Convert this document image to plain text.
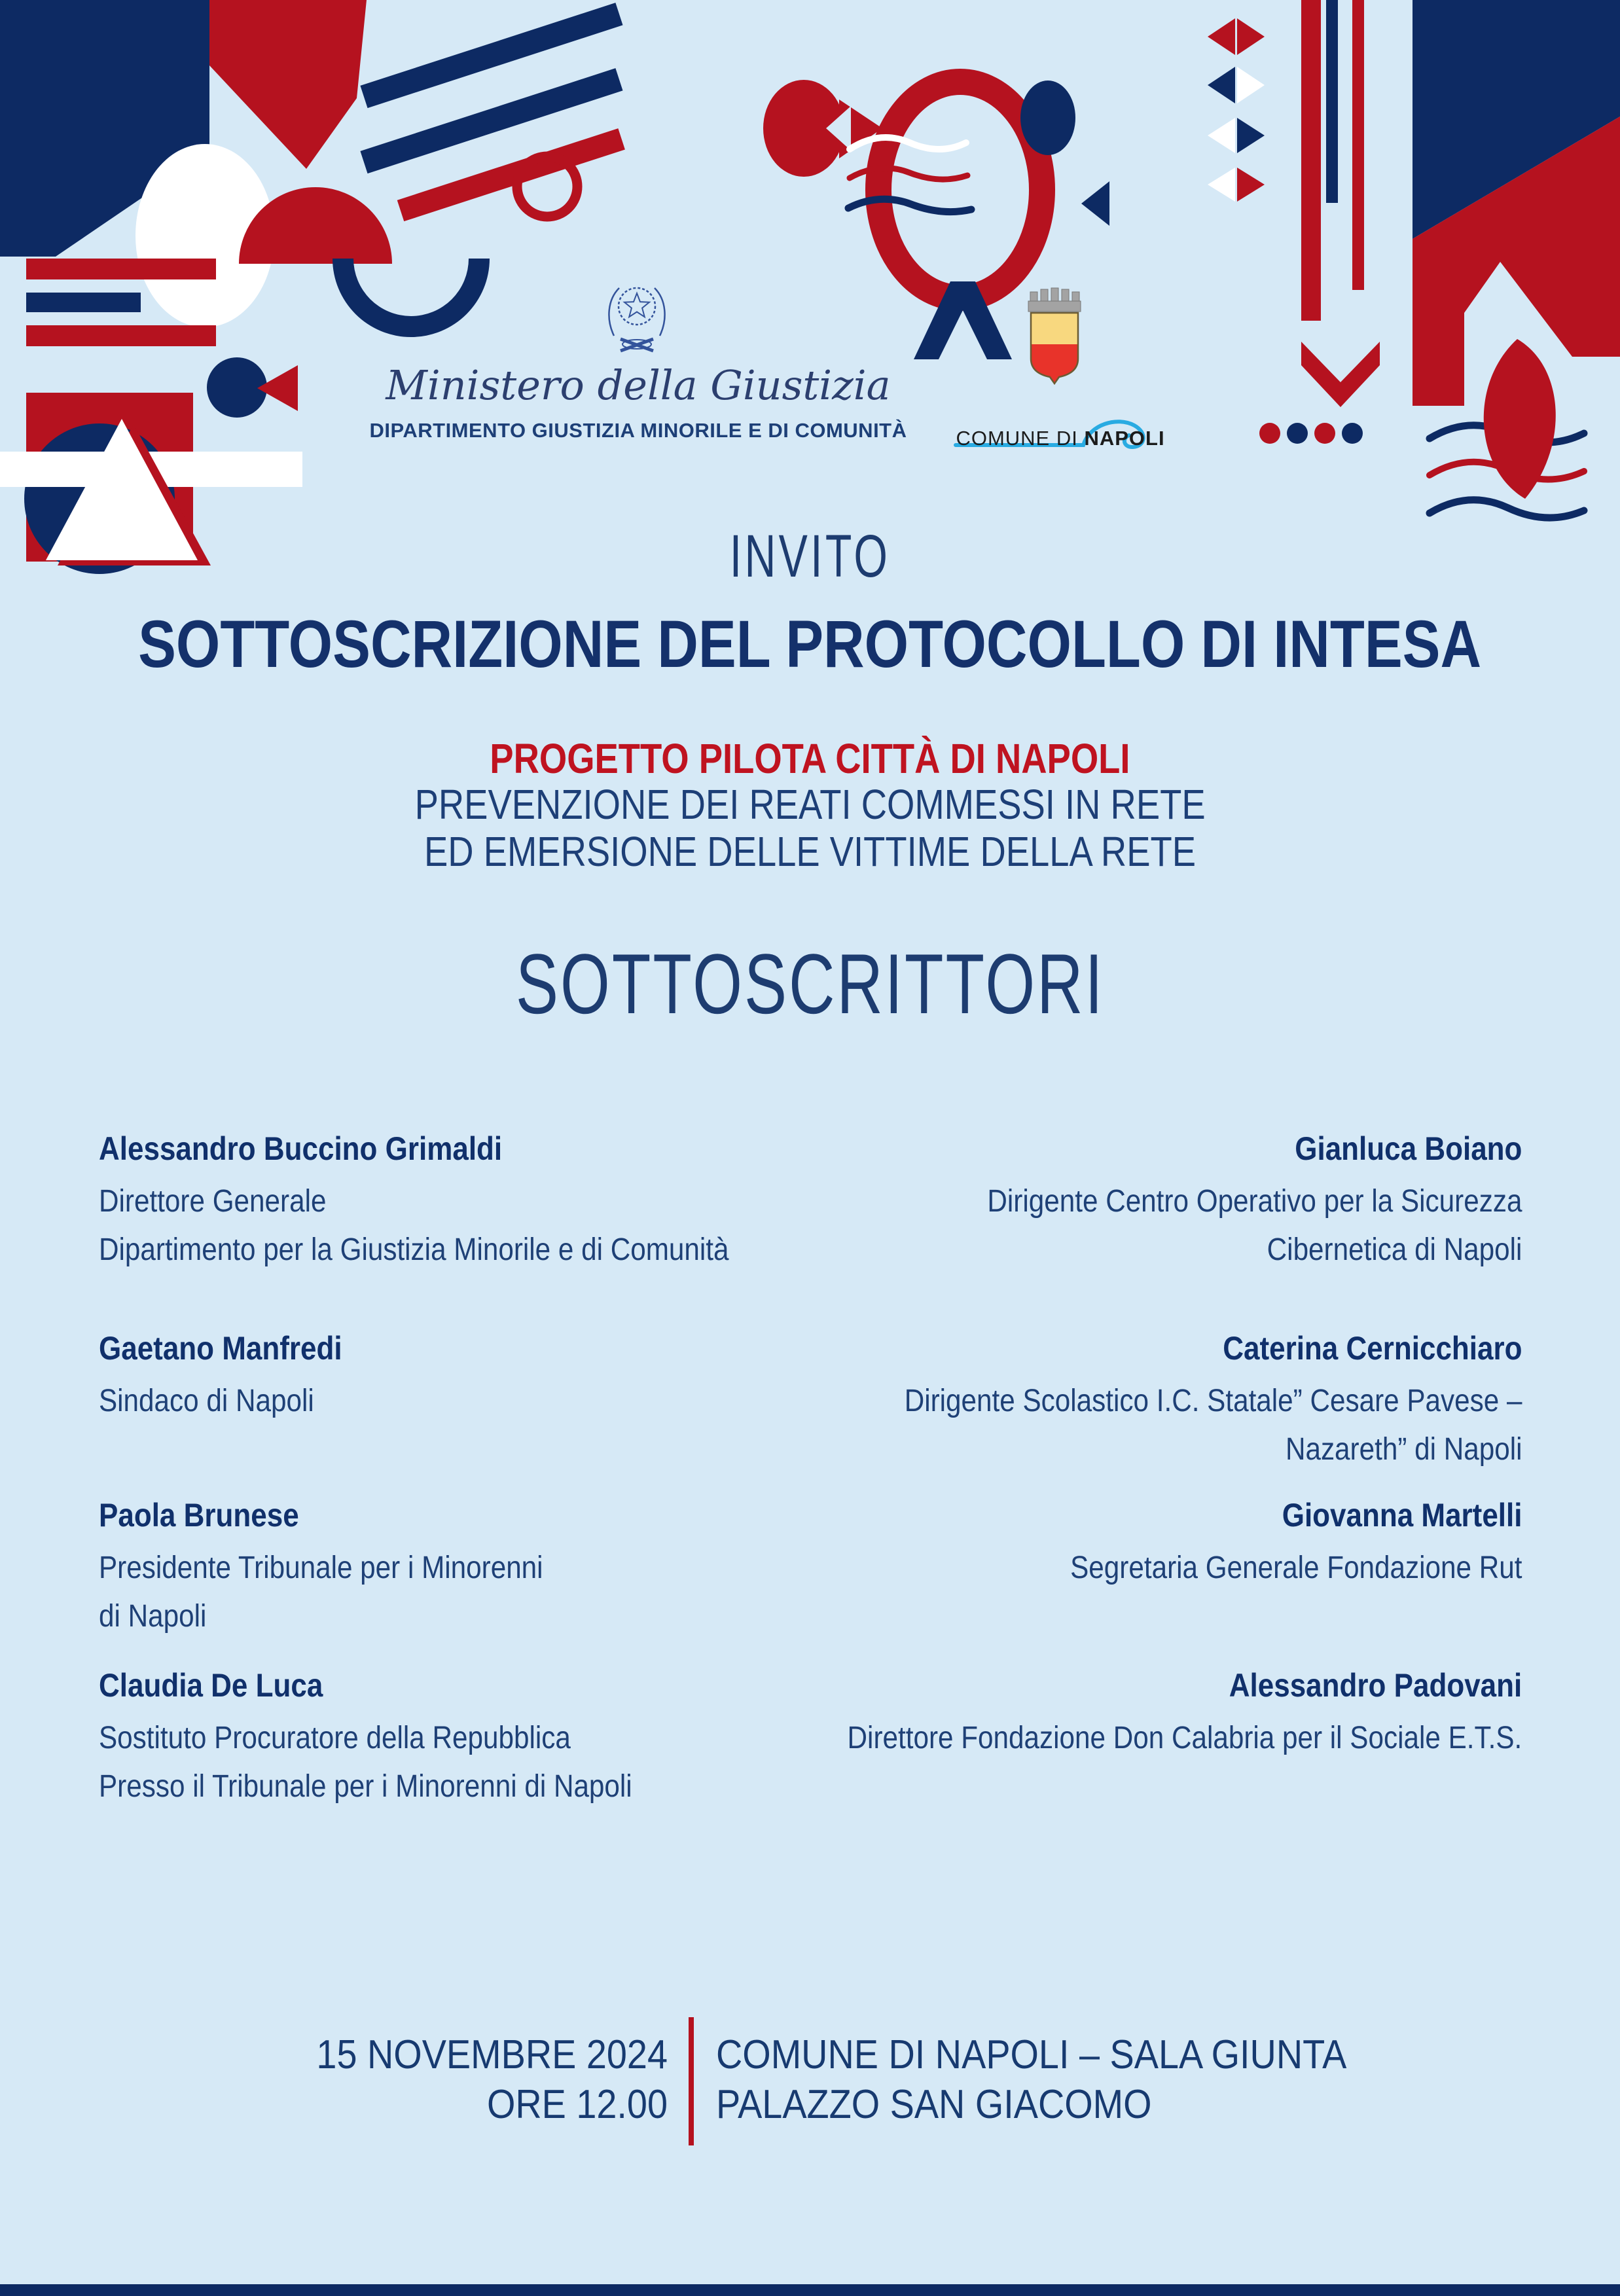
Ministero della Giustizia
DIPARTIMENTO GIUSTIZIA MINORILE E DI COMUNITÀ	COMUNE DI NAPOLI
INVITO
SOTTOSCRIZIONE DEL PROTOCOLLO DI INTESA
PROGETTO PILOTA CITTÀ DI NAPOLI
PREVENZIONE DEI REATI COMMESSI IN RETE
ED EMERSIONE DELLE VITTIME DELLA RETE
SOTTOSCRITTORI
Alessandro Buccino Grimaldi
Direttore Generale
Dipartimento per la Giustizia Minorile e di Comunità
Gianluca Boiano
Dirigente Centro Operativo per la Sicurezza
Cibernetica di Napoli
Gaetano Manfredi
Sindaco di Napoli
Caterina Cernicchiaro
Dirigente Scolastico I.C. Statale” Cesare Pavese –
Nazareth” di Napoli
Paola Brunese
Presidente Tribunale per i Minorenni
di Napoli
Giovanna Martelli
Segretaria Generale Fondazione Rut
Claudia De Luca
Sostituto Procuratore della Repubblica
Presso il Tribunale per i Minorenni di Napoli
Alessandro Padovani
Direttore Fondazione Don Calabria per il Sociale E.T.S.
15 NOVEMBRE 2024
ORE 12.00
COMUNE DI NAPOLI – SALA GIUNTA
PALAZZO SAN GIACOMO
